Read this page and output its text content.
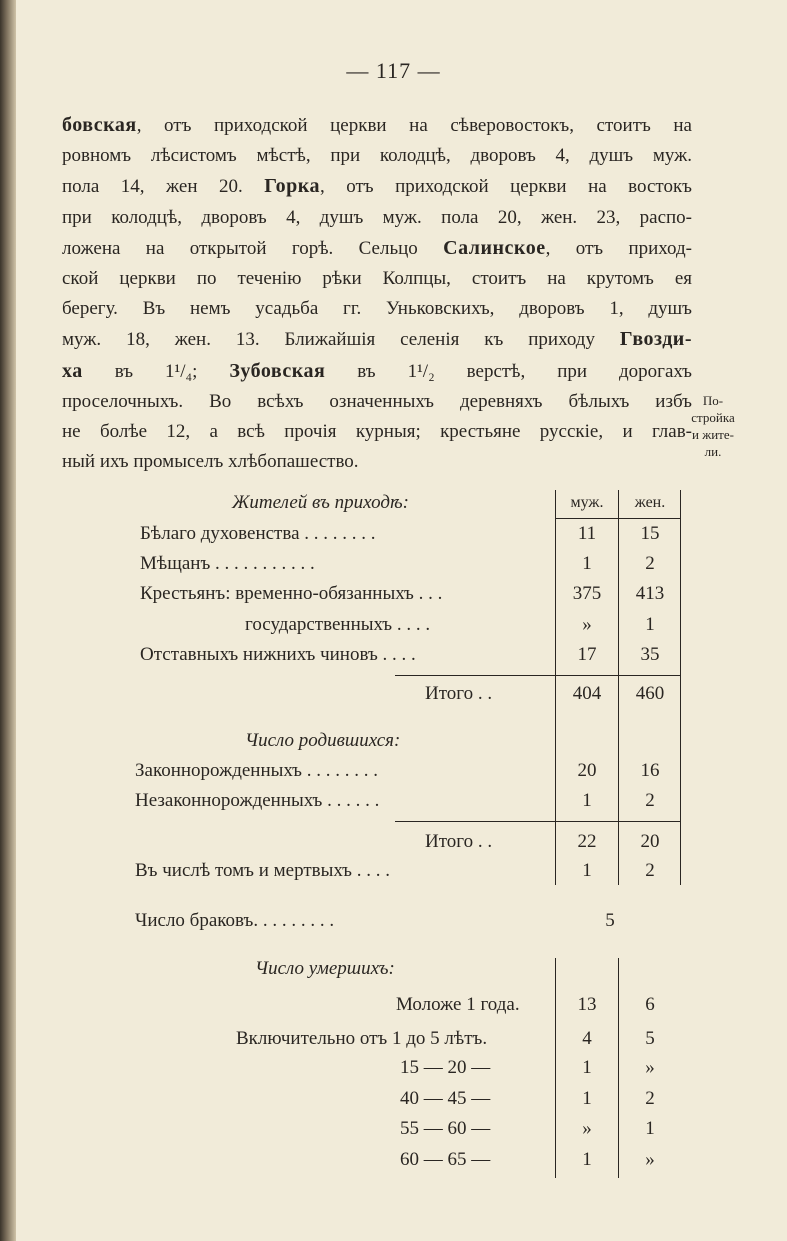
— 117 —
бовская, отъ приходской церкви на сѣверовостокъ, стоитъ на
ровномъ лѣсистомъ мѣстѣ, при колодцѣ, дворовъ 4, душъ муж.
пола 14, жен 20. Горка, отъ приходской церкви на востокъ
при колодцѣ, дворовъ 4, душъ муж. пола 20, жен. 23, распо-
ложена на открытой горѣ. Сельцо Салинское, отъ приход-
ской церкви по теченію рѣки Колпцы, стоитъ на крутомъ ея
берегу. Въ немъ усадьба гг. Уньковскихъ, дворовъ 1, душъ
муж. 18, жен. 13. Ближайшія селенія къ приходу Гвозди-
ха въ 1¹/₄; Зубовская въ 1¹/₂ верстѣ, при дорогахъ
проселочныхъ. Во всѣхъ означенныхъ деревняхъ бѣлыхъ избъ
не болѣе 12, а всѣ прочія курныя; крестьяне русскіе, и глав-
ный ихъ промыселъ хлѣбопашество.
По-
стройка
и жите-
ли.
Жителей въ приходѣ:	муж.	жен.
Бѣлаго духовенства . . . . . . . .	11	15
Мѣщанъ . . . . . . . . . . .	1	2
Крестьянъ: временно-обязанныхъ . . .	375	413
государственныхъ . . . .	»	1
Отставныхъ нижнихъ чиновъ . . . .	17	35
Итого . .	404	460
Число родившихся:
Законнорожденныхъ . . . . . . . .	20	16
Незаконнорожденныхъ . . . . . .	1	2
Итого . .	22	20
Въ числѣ томъ и мертвыхъ . . . .	1	2
Число браковъ. . . . . . . . .	5
Число умершихъ:
Моложе 1 года.	13	6
Включительно отъ 1 до 5 лѣтъ.	4	5
15 — 20 —	1	»
40 — 45 —	1	2
55 — 60 —	»	1
60 — 65 —	1	»
